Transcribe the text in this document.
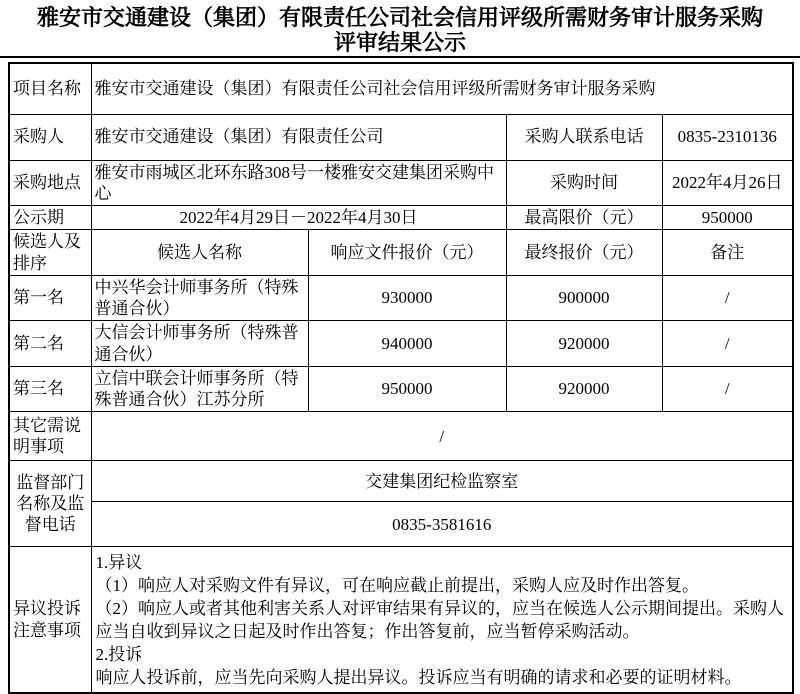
雅安市交通建设（集团）有限责任公司社会信用评级所需财务审计服务采购
评审结果公示
项目名称	雅安市交通建设（集团）有限责任公司社会信用评级所需财务审计服务采购			
采购人	雅安市交通建设（集团）有限责任公司		采购人联系电话	0835-2310136
采购地点	雅安市雨城区北环东路308号一楼雅安交建集团采购中心		采购时间	2022年4月26日
公示期	2022年4月29日－2022年4月30日		最高限价（元）	950000
候选人及排序	候选人名称	响应文件报价（元）	最终报价（元）	备注
第一名	中兴华会计师事务所（特殊普通合伙）	930000	900000	/
第二名	大信会计师事务所（特殊普通合伙）	940000	920000	/
第三名	立信中联会计师事务所（特殊普通合伙）江苏分所	950000	920000	/
其它需说明事项	/			
监督部门名称及监督电话	交建集团纪检监察室			
	0835-3581616			
异议投诉注意事项	1.异议
（1）响应人对采购文件有异议，可在响应截止前提出，采购人应及时作出答复。
（2）响应人或者其他利害关系人对评审结果有异议的，应当在候选人公示期间提出。采购人应当自收到异议之日起及时作出答复；作出答复前，应当暂停采购活动。
2.投诉
响应人投诉前，应当先向采购人提出异议。投诉应当有明确的请求和必要的证明材料。			
